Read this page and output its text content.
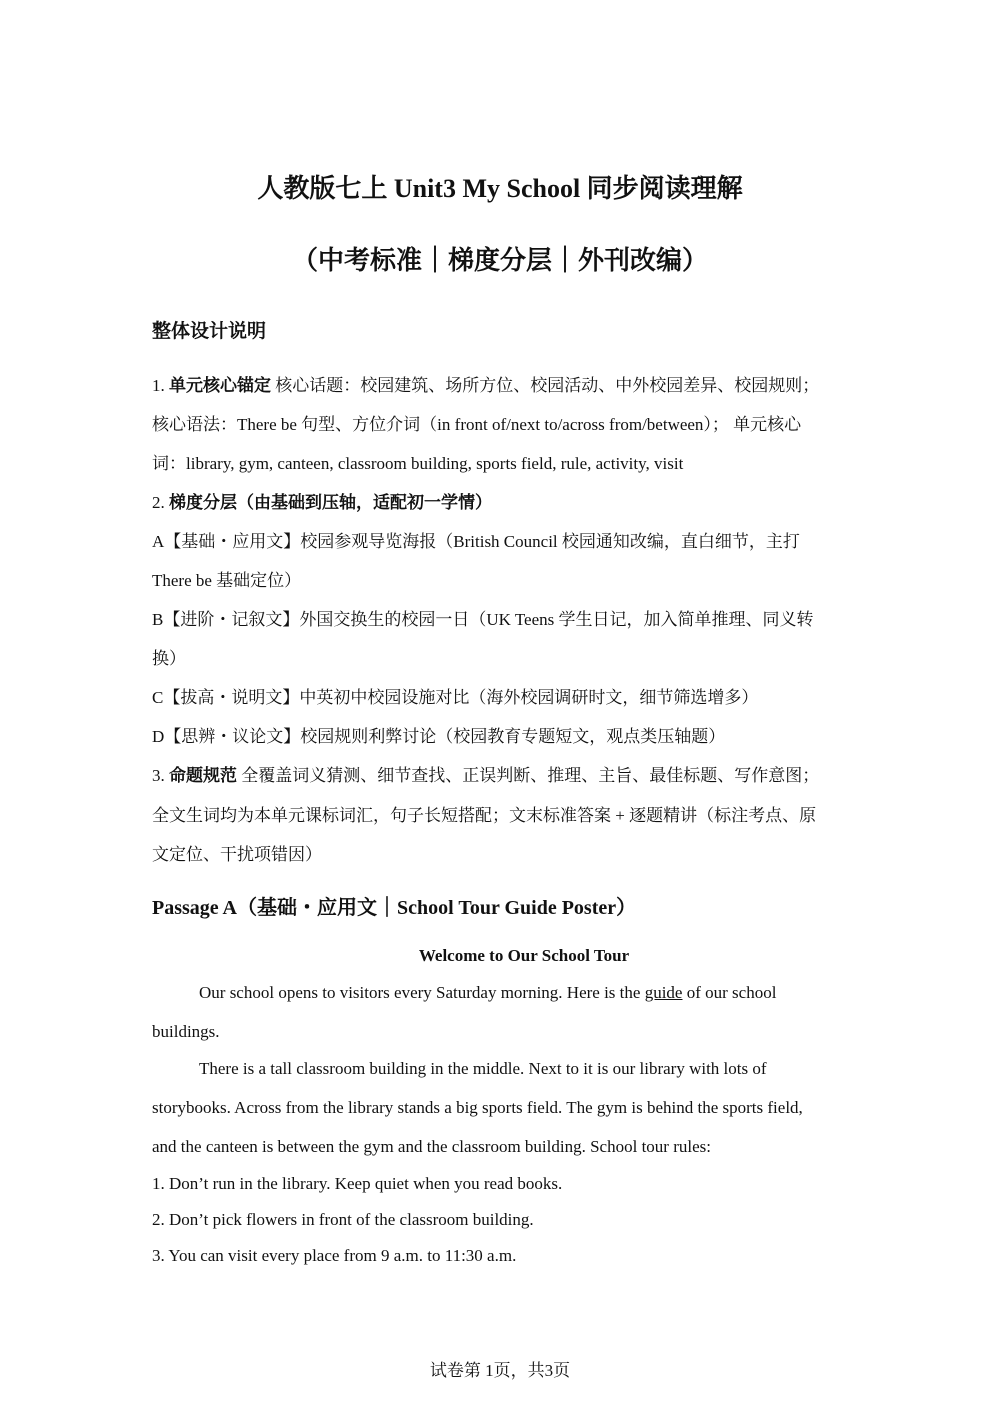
人教版七上 Unit3 My School 同步阅读理解
（中考标准｜梯度分层｜外刊改编）
整体设计说明

1. 单元核心锚定 核心话题：校园建筑、场所方位、校园活动、中外校园差异、校园规则；

核心语法：There be 句型、方位介词（in front of/next to/across from/between）； 单元核心

词：library, gym, canteen, classroom building, sports field, rule, activity, visit

2. 梯度分层（由基础到压轴，适配初一学情）

A【基础・应用文】校园参观导览海报（British Council 校园通知改编，直白细节，主打

There be 基础定位）

B【进阶・记叙文】外国交换生的校园一日（UK Teens 学生日记，加入简单推理、同义转

换）

C【拔高・说明文】中英初中校园设施对比（海外校园调研时文，细节筛选增多）

D【思辨・议论文】校园规则利弊讨论（校园教育专题短文，观点类压轴题）

3. 命题规范 全覆盖词义猜测、细节查找、正误判断、推理、主旨、最佳标题、写作意图；

全文生词均为本单元课标词汇，句子长短搭配；文末标准答案 + 逐题精讲（标注考点、原

文定位、干扰项错因）

Passage A（基础・应用文｜School Tour Guide Poster）

Welcome to Our School Tour

Our school opens to visitors every Saturday morning. Here is the guide of our school

buildings.

There is a tall classroom building in the middle. Next to it is our library with lots of

storybooks. Across from the library stands a big sports field. The gym is behind the sports field,

and the canteen is between the gym and the classroom building. School tour rules:

1. Don’t run in the library. Keep quiet when you read books.

2. Don’t pick flowers in front of the classroom building.

3. You can visit every place from 9 a.m. to 11:30 a.m.

试卷第 1页，共3页
